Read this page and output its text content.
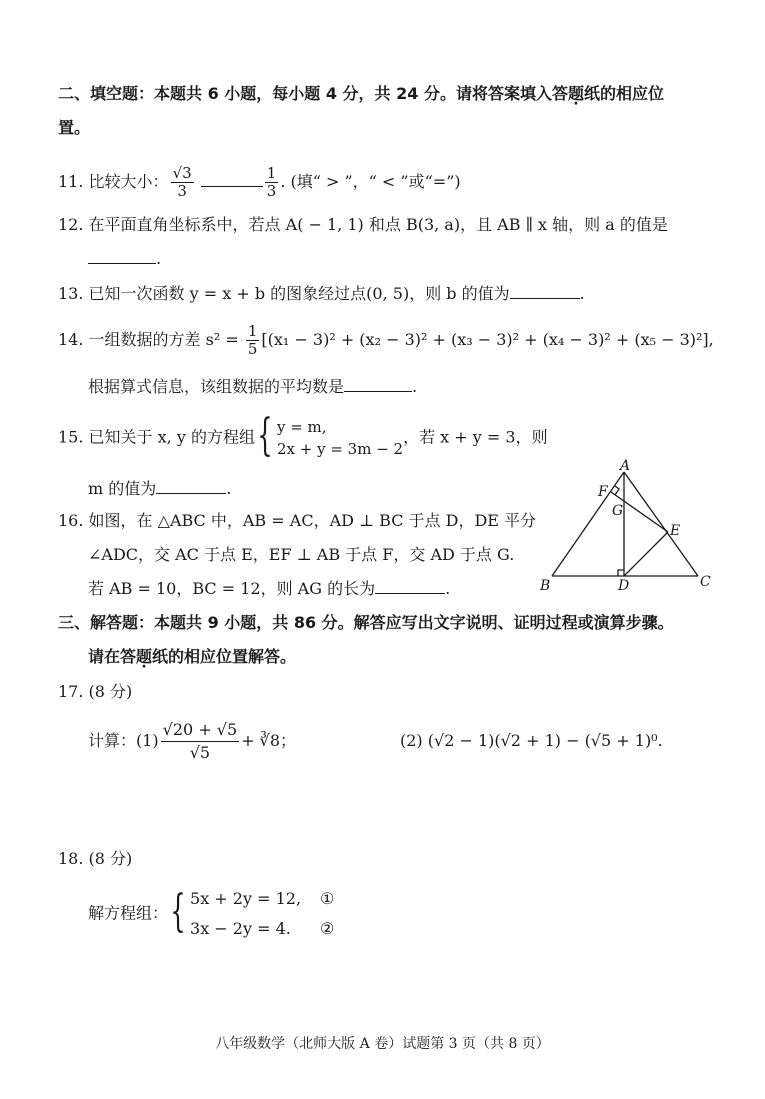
二、填空题：本题共 6 小题，每小题 4 分，共 24 分。请将答案填入答题纸的相应位
置。
11. 比较大小： $\frac{√3}{3}$
	$\frac{1}{3}$ . (填“ > ”，“ < ”或“=”)
12. 在平面直角坐标系中，若点 A( − 1, 1) 和点 B(3, a)，且 AB ∥ x 轴，则 a 的值是
.
13. 已知一次函数 y = x + b 的图象经过点(0, 5)，则 b 的值为	.
14. 一组数据的方差 $s^2 = \frac{1}{5} [(x_1 - 3)^2 + (x_2 - 3)^2 + (x_3 - 3)^2 + (x_4 - 3)^2 + (x_5 - 3)^2]$,
根据算式信息，该组数据的平均数是	.
15. 已知关于 x, y 的方程组 { y = m,
2x + y = 3m − 2
，若 x + y = 3，则
m 的值为	.
16. 如图，在 △ABC 中，AB = AC，AD ⊥ BC 于点 D，DE 平分
∠ADC，交 AC 于点 E，EF ⊥ AB 于点 F，交 AD 于点 G.
若 AB = 10，BC = 12，则 AG 的长为	.
A
B	C
D
E
F
G
三、解答题：本题共 9 小题，共 86 分。解答应写出文字说明、证明过程或演算步骤。
请在答题纸的相应位置解答。
17. (8 分)
计算：$(1) \frac{√20 + √5}{√5}$ + ∛8；	(2) (√2 − 1)(√2 + 1) − (√5 + 1)⁰.
18. (8 分)
解方程组： { 5x + 2y = 12, ①
3x − 2y = 4. ②
八年级数学（北师大版 A 卷）试题第 3 页（共 8 页）
